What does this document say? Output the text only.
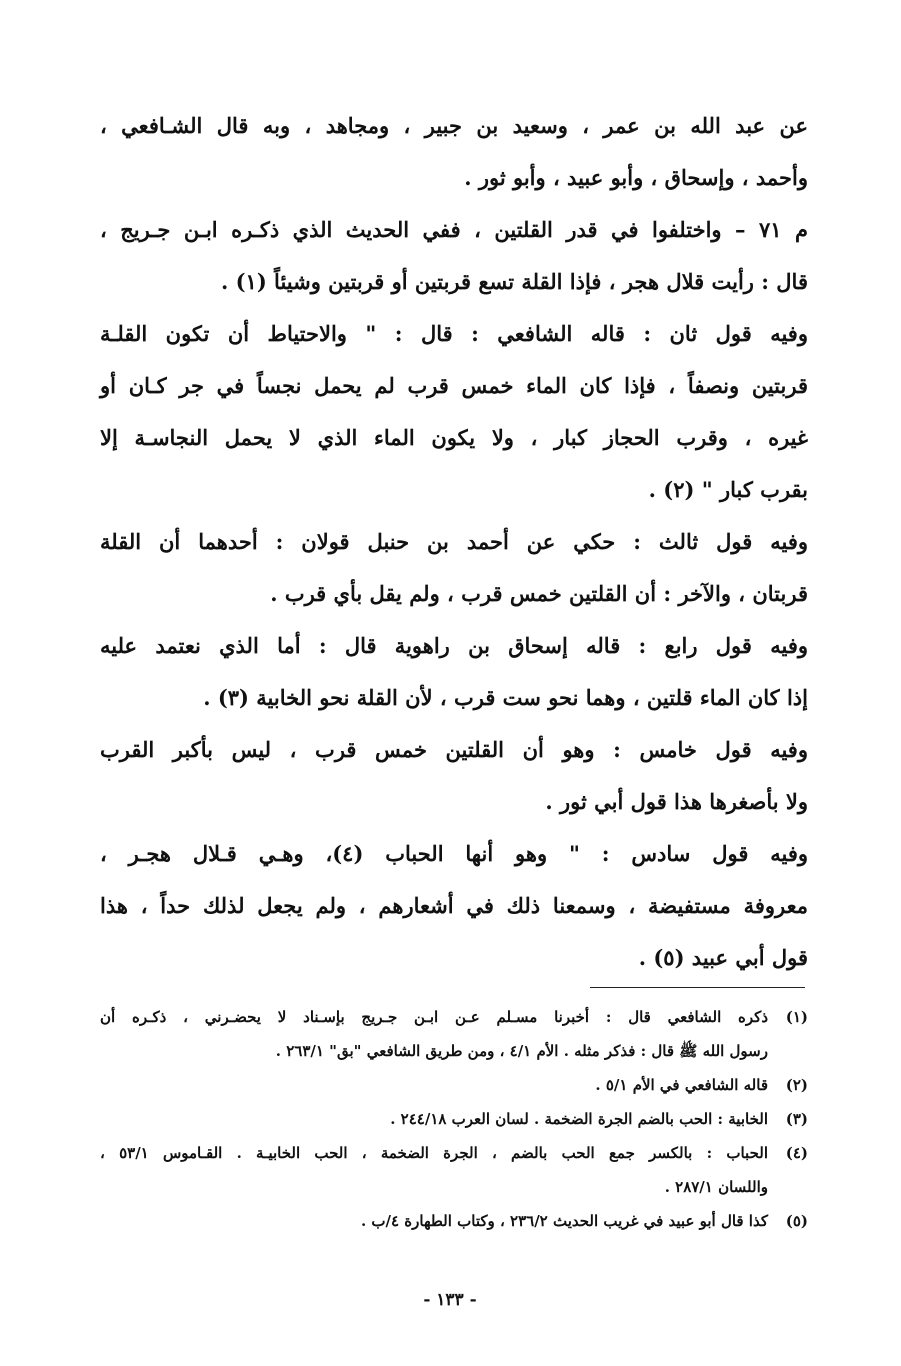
عن عبد الله بن عمر ، وسعيد بن جبير ، ومجاهد ، وبه قال الشـافعي ،
وأحمد ، وإسحاق ، وأبو عبيد ، وأبو ثور .
م ٧١ – واختلفوا في قدر القلتين ، ففي الحديث الذي ذكـره ابـن جـريج ،
قال : رأيت قلال هجر ، فإذا القلة تسع قربتين أو قربتين وشيئاً (١) .
وفيه قول ثان : قاله الشافعي : قال : " والاحتياط أن تكون القلـة
قربتين ونصفاً ، فإذا كان الماء خمس قرب لم يحمل نجساً في جر كـان أو
غيره ، وقرب الحجاز كبار ، ولا يكون الماء الذي لا يحمل النجاسـة إلا
بقرب كبار " (٢) .
وفيه قول ثالث : حكي عن أحمد بن حنبل قولان : أحدهما أن القلة
قربتان ، والآخر : أن القلتين خمس قرب ، ولم يقل بأي قرب .
وفيه قول رابع : قاله إسحاق بن راهوية قال : أما الذي نعتمد عليه
إذا كان الماء قلتين ، وهما نحو ست قرب ، لأن القلة نحو الخابية (٣) .
وفيه قول خامس : وهو أن القلتين خمس قرب ، ليس بأكبر القرب
ولا بأصغرها هذا قول أبي ثور .
وفيه قول سادس : " وهو أنها الحباب (٤)، وهـي قـلال هجـر ،
معروفة مستفيضة ، وسمعنا ذلك في أشعارهم ، ولم يجعل لذلك حداً ، هذا
قول أبي عبيد (٥) .
(١)ذكره الشافعي قال : أخبرنا مسـلم عـن ابـن جـريج بإسـناد لا يحضـرني ، ذكـره أن
رسول الله ﷺ قال : فذكر مثله . الأم ٤/١ ، ومن طريق الشافعي "بق" ٢٦٣/١ .
(٢)قاله الشافعي في الأم ٥/١ .
(٣)الخابية : الحب بالضم الجرة الضخمة . لسان العرب ٢٤٤/١٨ .
(٤)الحباب : بالكسر جمع الحب بالضم ، الجرة الضخمة ، الحب الخابيـة . القـاموس ٥٣/١ ،
واللسان ٢٨٧/١ .
(٥)كذا قال أبو عبيد في غريب الحديث ٢٣٦/٢ ، وكتاب الطهارة ٤/ب .
- ١٣٣ -
